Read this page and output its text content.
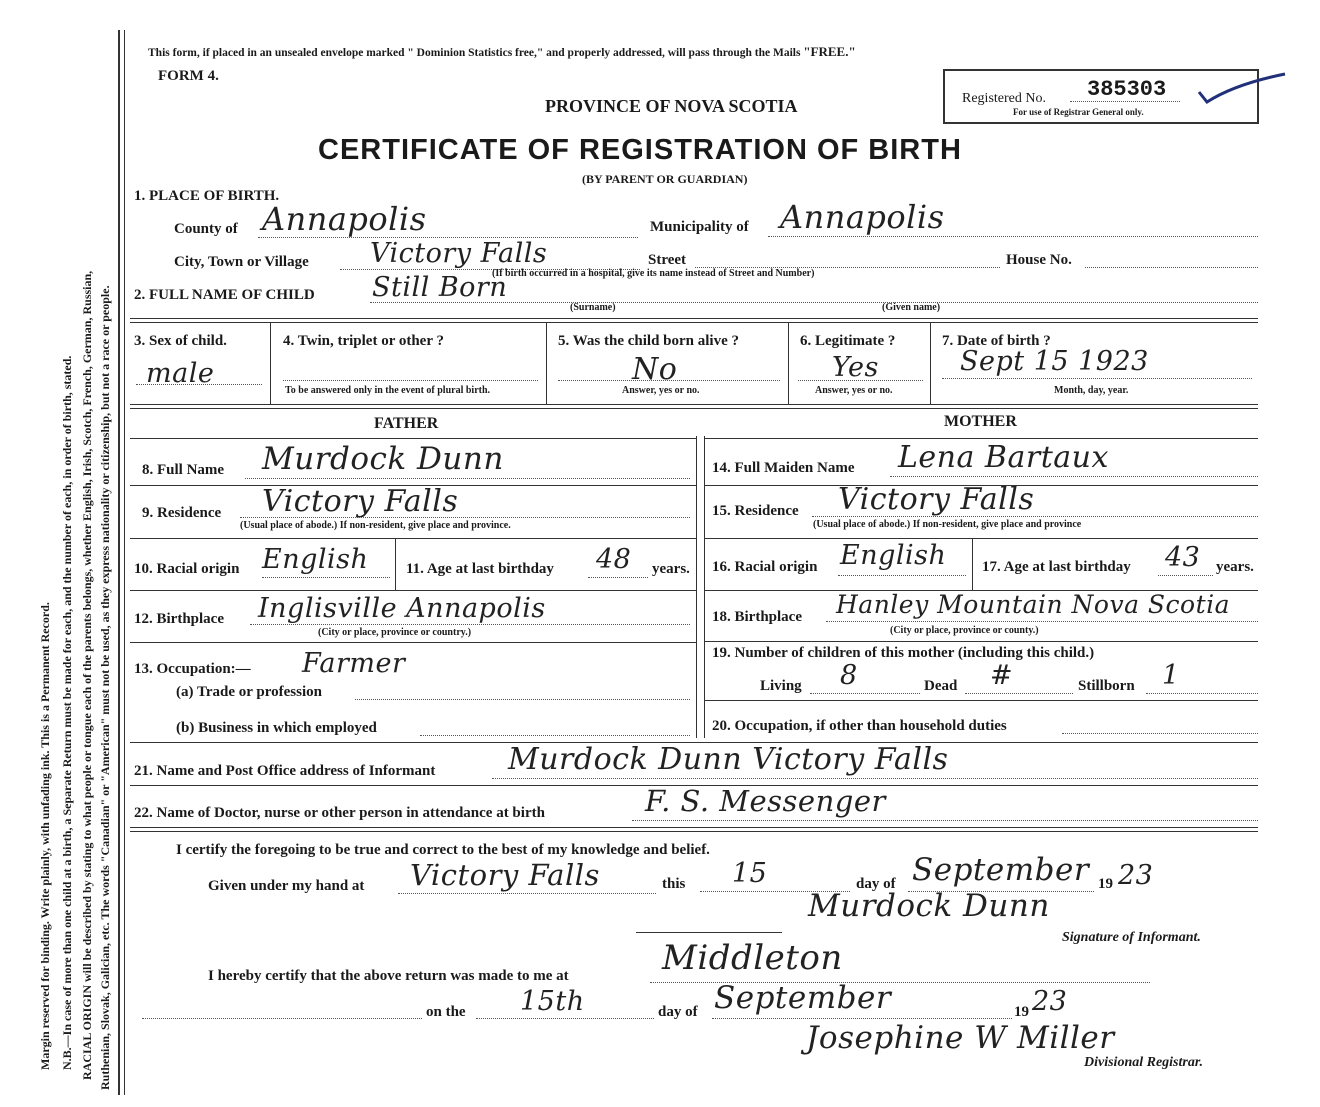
Margin reserved for binding. Write plainly, with unfading ink. This is a Permanent Record. N.B.—In case of more than one child at a birth, a Separate Return must be made for each, and the number of each, in order of birth, stated. RACIAL ORIGIN will be described by stating to what people or tongue each of the parents belongs, whether English, Irish, Scotch, French, German, Russian, Ruthenian, Slovak, Galician, etc. The words "Canadian" or "American" must not be used, as they express nationality or citizenship, but not a race or people.
This form, if placed in an unsealed envelope marked " Dominion Statistics free," and properly addressed, will pass through the Mails "FREE."
FORM 4.
PROVINCE OF NOVA SCOTIA
CERTIFICATE OF REGISTRATION OF BIRTH
(BY PARENT OR GUARDIAN)
Registered No. 385303
For use of Registrar General only.
1. PLACE OF BIRTH.
County of Annapolis	Municipality of Annapolis
City, Town or Village Victory Falls	Street
(If birth occurred in a hospital, give its name instead of Street and Number)
House No.
2. FULL NAME OF CHILD Still Born
(Surname)	(Given name)
3. Sex of child.
male
4. Twin, triplet or other ?
To be answered only in the event of plural birth.
5. Was the child born alive ?
No
Answer, yes or no.
6. Legitimate ?
Yes
Answer, yes or no.
7. Date of birth ?
Sept 15 1923
Month, day, year.
FATHER	MOTHER
8. Full Name Murdock Dunn
9. Residence Victory Falls
(Usual place of abode.) If non-resident, give place and province.
10. Racial origin English	11. Age at last birthday 48 years.
12. Birthplace Inglisville Annapolis
(City or place, province or country.)
13. Occupation:— Farmer
(a) Trade or profession
(b) Business in which employed
14. Full Maiden Name Lena Bartaux
15. Residence Victory Falls
(Usual place of abode.) If non-resident, give place and province
16. Racial origin English 17. Age at last birthday 43 years.
18. Birthplace Hanley Mountain Nova Scotia
(City or place, province or county.)
19. Number of children of this mother (including this child.)
Living 8	Dead #	Stillborn 1
20. Occupation, if other than household duties
21. Name and Post Office address of Informant Murdock Dunn Victory Falls
22. Name of Doctor, nurse or other person in attendance at birth	F. S. Messenger
I certify the foregoing to be true and correct to the best of my knowledge and belief.
Given under my hand at Victory Falls	this 15	day of September 19 23
Murdock Dunn
Signature of Informant.
I hereby certify that the above return was made to me at	Middleton
on the 15th	day of September	19 23
Josephine W Miller
Divisional Registrar.
